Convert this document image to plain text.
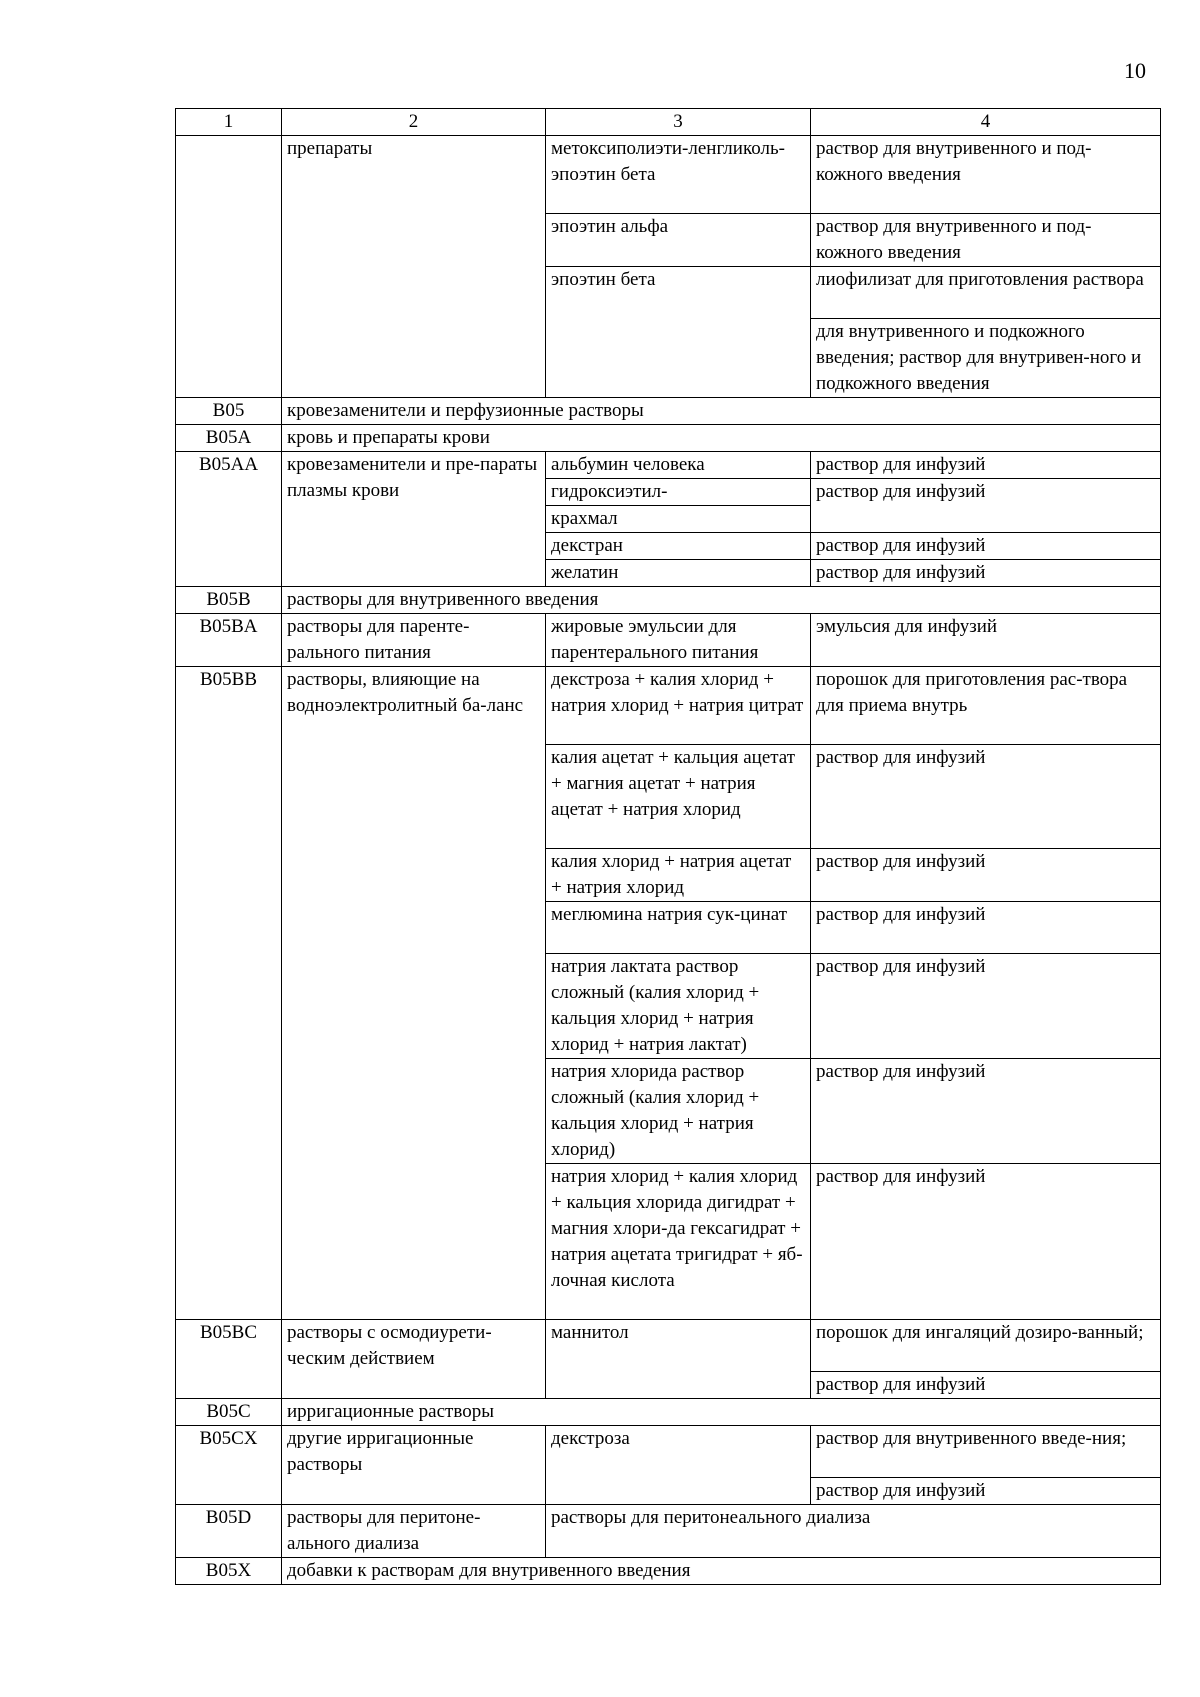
10
1	2	3	4
	препараты	метоксиполиэти-ленгликоль-эпоэтин бета	раствор для внутривенного и под-кожного введения
		эпоэтин альфа	раствор для внутривенного и под-кожного введения
		эпоэтин бета	лиофилизат для приготовления раствора
			для внутривенного и подкожного введения; раствор для внутривен-ного и подкожного введения
B05	кровезаменители и перфузионные растворы		
B05A	кровь и препараты крови		
B05AA	кровезаменители и пре-параты плазмы крови	альбумин человека	раствор для инфузий
		гидроксиэтил-	раствор для инфузий
		крахмал	
		декстран	раствор для инфузий
		желатин	раствор для инфузий
B05B	растворы для внутривенного введения		
B05BA	растворы для паренте-рального питания	жировые эмульсии для парентерального питания	эмульсия для инфузий
B05BB	растворы, влияющие на водноэлектролитный ба-ланс	декстроза + калия хлорид + натрия хлорид + натрия цитрат	порошок для приготовления рас-твора для приема внутрь
		калия ацетат + кальция ацетат + магния ацетат + натрия ацетат + натрия хлорид	раствор для инфузий
		калия хлорид + натрия ацетат + натрия хлорид	раствор для инфузий
		меглюмина натрия сук-цинат	раствор для инфузий
		натрия лактата раствор сложный (калия хлорид + кальция хлорид + натрия хлорид + натрия лактат)	раствор для инфузий
		натрия хлорида раствор сложный (калия хлорид + кальция хлорид + натрия хлорид)	раствор для инфузий
		натрия хлорид + калия хлорид + кальция хлорида дигидрат + магния хлори-да гексагидрат + натрия ацетата тригидрат + яб-лочная кислота	раствор для инфузий
B05BC	растворы с осмодиурети-ческим действием	маннитол	порошок для ингаляций дозиро-ванный;
			раствор для инфузий
B05C	ирригационные растворы		
B05CX	другие ирригационные растворы	декстроза	раствор для внутривенного введе-ния;
			раствор для инфузий
B05D	растворы для перитоне-ального диализа	растворы для перитонеального диализа	
B05X	добавки к растворам для внутривенного введения		
